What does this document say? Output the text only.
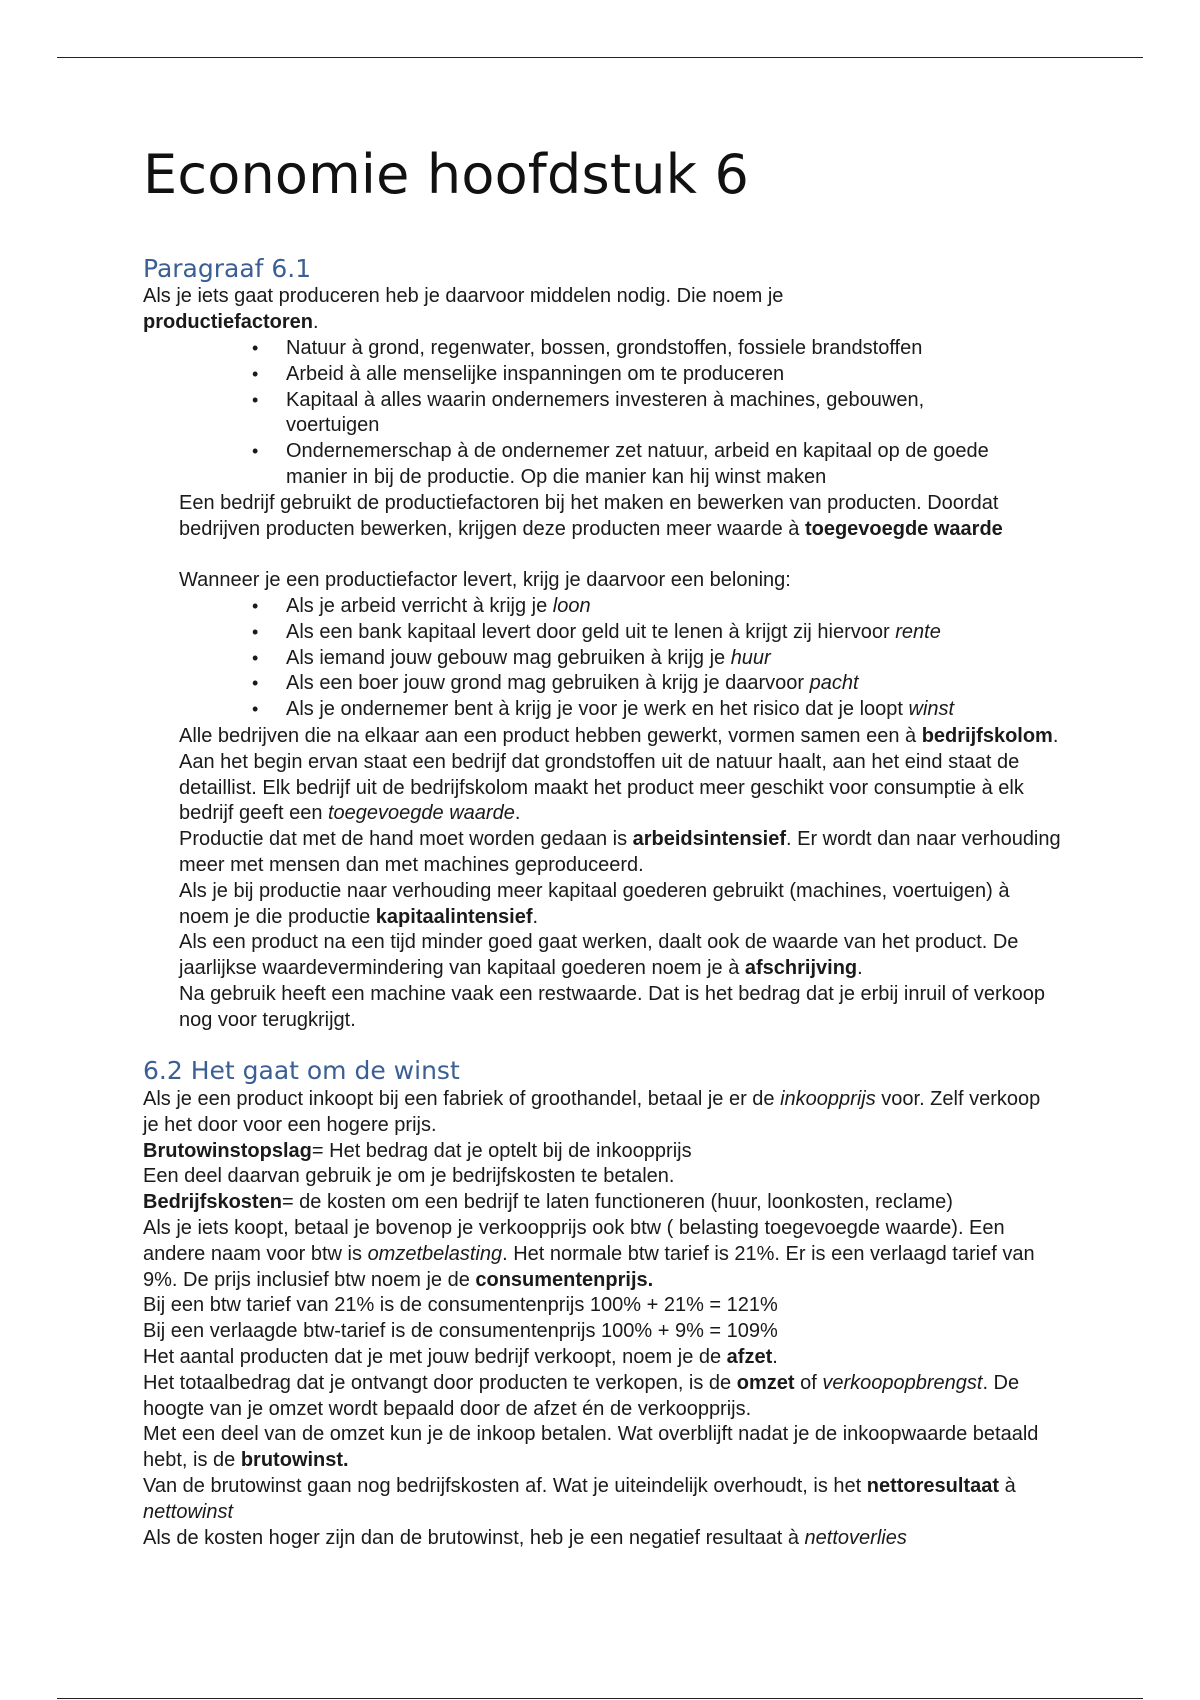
Economie hoofdstuk 6
Paragraaf 6.1

Als je iets gaat produceren heb je daarvoor middelen nodig. Die noem je productiefactoren.

• Natuur à grond, regenwater, bossen, grondstoffen, fossiele brandstoffen
• Arbeid à alle menselijke inspanningen om te produceren
• Kapitaal à alles waarin ondernemers investeren à machines, gebouwen, voertuigen
• Ondernemerschap à de ondernemer zet natuur, arbeid en kapitaal op de goede manier in bij de productie. Op die manier kan hij winst maken

Een bedrijf gebruikt de productiefactoren bij het maken en bewerken van producten. Doordat bedrijven producten bewerken, krijgen deze producten meer waarde à toegevoegde waarde

Wanneer je een productiefactor levert, krijg je daarvoor een beloning:

• Als je arbeid verricht à krijg je loon
• Als een bank kapitaal levert door geld uit te lenen à krijgt zij hiervoor rente
• Als iemand jouw gebouw mag gebruiken à krijg je huur
• Als een boer jouw grond mag gebruiken à krijg je daarvoor pacht
• Als je ondernemer bent à krijg je voor je werk en het risico dat je loopt winst

Alle bedrijven die na elkaar aan een product hebben gewerkt, vormen samen een à bedrijfskolom. Aan het begin ervan staat een bedrijf dat grondstoffen uit de natuur haalt, aan het eind staat de detaillist. Elk bedrijf uit de bedrijfskolom maakt het product meer geschikt voor consumptie à elk bedrijf geeft een toegevoegde waarde.

Productie dat met de hand moet worden gedaan is arbeidsintensief. Er wordt dan naar verhouding meer met mensen dan met machines geproduceerd.

Als je bij productie naar verhouding meer kapitaal goederen gebruikt (machines, voertuigen) à noem je die productie kapitaalintensief.

Als een product na een tijd minder goed gaat werken, daalt ook de waarde van het product. De jaarlijkse waardevermindering van kapitaal goederen noem je à afschrijving.

Na gebruik heeft een machine vaak een restwaarde. Dat is het bedrag dat je erbij inruil of verkoop nog voor terugkrijgt.

6.2 Het gaat om de winst

Als je een product inkoopt bij een fabriek of groothandel, betaal je er de inkoopprijs voor. Zelf verkoop je het door voor een hogere prijs.

Brutowinstopslag= Het bedrag dat je optelt bij de inkoopprijs

Een deel daarvan gebruik je om je bedrijfskosten te betalen.

Bedrijfskosten= de kosten om een bedrijf te laten functioneren (huur, loonkosten, reclame)

Als je iets koopt, betaal je bovenop je verkoopprijs ook btw ( belasting toegevoegde waarde). Een andere naam voor btw is omzetbelasting. Het normale btw tarief is 21%. Er is een verlaagd tarief van 9%. De prijs inclusief btw noem je de consumentenprijs.

Bij een btw tarief van 21% is de consumentenprijs 100% + 21% = 121%

Bij een verlaagde btw-tarief is de consumentenprijs 100% + 9% = 109%

Het aantal producten dat je met jouw bedrijf verkoopt, noem je de afzet.

Het totaalbedrag dat je ontvangt door producten te verkopen, is de omzet of verkoopopbrengst. De hoogte van je omzet wordt bepaald door de afzet én de verkoopprijs.

Met een deel van de omzet kun je de inkoop betalen. Wat overblijft nadat je de inkoopwaarde betaald hebt, is de brutowinst.

Van de brutowinst gaan nog bedrijfskosten af. Wat je uiteindelijk overhoudt, is het nettoresultaat à nettowinst

Als de kosten hoger zijn dan de brutowinst, heb je een negatief resultaat à nettoverlies
